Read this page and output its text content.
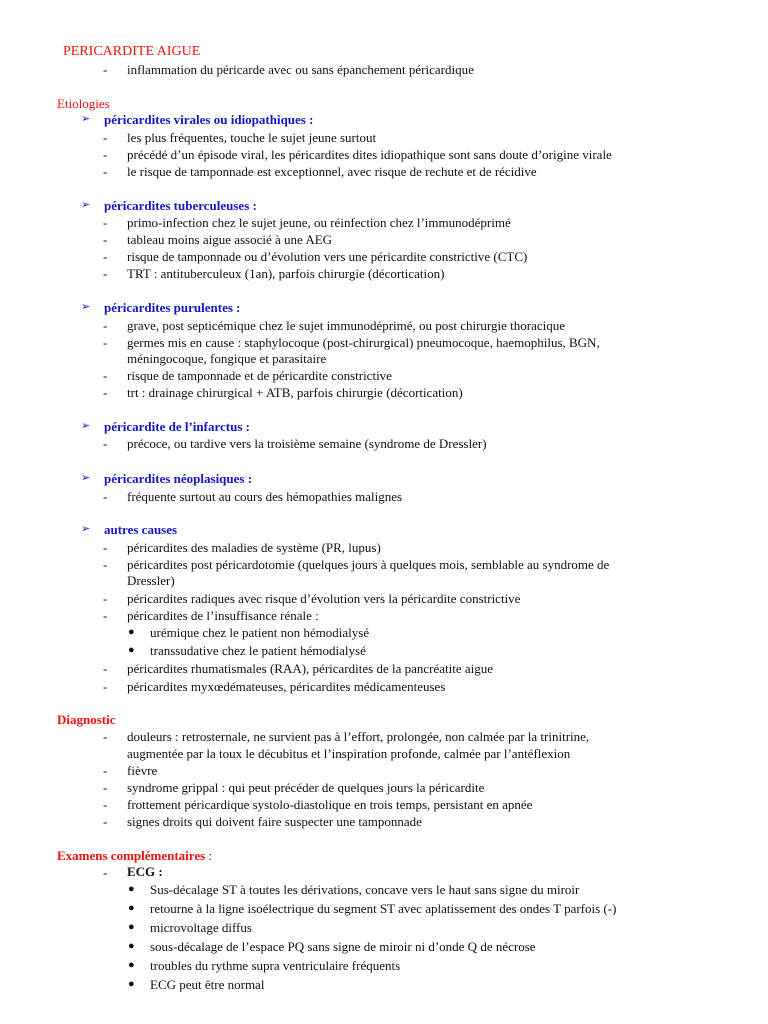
PERICARDITE AIGUE
- inflammation du péricarde avec ou sans épanchement péricardique
Etiologies
➢ péricardites virales ou idiopathiques :
- les plus fréquentes, touche le sujet jeune surtout
- précédé d’un épisode viral, les péricardites dites idiopathique sont sans doute d’origine virale
- le risque de tamponnade est exceptionnel, avec risque de rechute et de récidive
➢ péricardites tuberculeuses :
- primo-infection chez le sujet jeune, ou réinfection chez l’immunodéprimé
- tableau moins aigue associé à une AEG
- risque de tamponnade ou d’évolution vers une péricardite constrictive (CTC)
- TRT : antituberculeux (1an), parfois chirurgie (décortication)
➢ péricardites purulentes :
- grave, post septicémique chez le sujet immunodéprimé, ou post chirurgie thoracique
- germes mis en cause : staphylocoque (post-chirurgical) pneumocoque, haemophilus, BGN,
méningocoque, fongique et parasitaire
- risque de tamponnade et de péricardite constrictive
- trt : drainage chirurgical + ATB, parfois chirurgie (décortication)
➢ péricardite de l’infarctus :
- précoce, ou tardive vers la troisième semaine (syndrome de Dressler)
➢ péricardites néoplasiques :
- fréquente surtout au cours des hémopathies malignes
➢ autres causes
- péricardites des maladies de système (PR, lupus)
- péricardites post péricardotomie (quelques jours à quelques mois, semblable au syndrome de
Dressler)
- péricardites radiques avec risque d’évolution vers la péricardite constrictive
- péricardites de l’insuffisance rénale :
● urémique chez le patient non hémodialysé
● transsudative chez le patient hémodialysé
- péricardites rhumatismales (RAA), péricardites de la pancréatite aigue
- péricardites myxœdémateuses, péricardites médicamenteuses
Diagnostic
- douleurs : retrosternale, ne survient pas à l’effort, prolongée, non calmée par la trinitrine,
augmentée par la toux le décubitus et l’inspiration profonde, calmée par l’antéflexion
- fièvre
- syndrome grippal : qui peut précéder de quelques jours la péricardite
- frottement péricardique systolo-diastolique en trois temps, persistant en apnée
- signes droits qui doivent faire suspecter une tamponnade
Examens complémentaires :
- ECG :
● Sus-décalage ST à toutes les dérivations, concave vers le haut sans signe du miroir
● retourne à la ligne isoélectrique du segment ST avec aplatissement des ondes T parfois (-)
● microvoltage diffus
● sous-décalage de l’espace PQ sans signe de miroir ni d’onde Q de nécrose
● troubles du rythme supra ventriculaire fréquents
● ECG peut être normal
